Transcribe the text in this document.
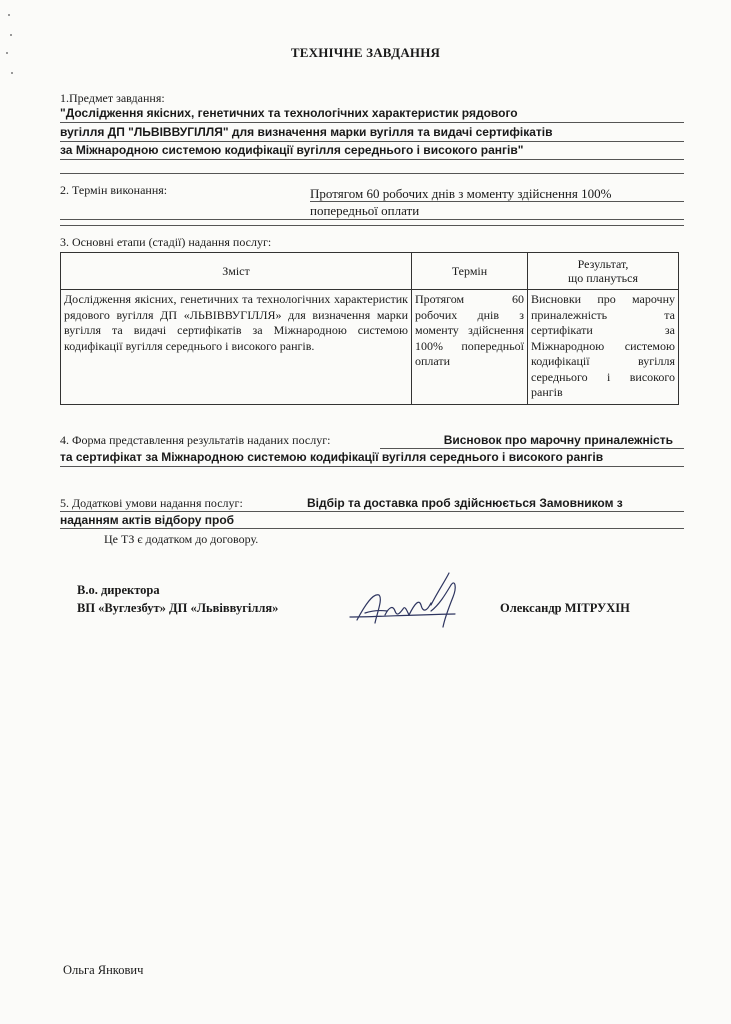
ТЕХНІЧНЕ ЗАВДАННЯ
1.Предмет завдання:
"Дослідження якісних, генетичних та технологічних характеристик рядового
вугілля ДП "ЛЬВІВВУГІЛЛЯ" для визначення марки вугілля та видачі сертифікатів
за Міжнародною системою кодифікації вугілля середнього і високого рангів"
2. Термін виконання:	Протягом 60 робочих днів з моменту здійснення 100%
попередньої оплати
3. Основні етапи (стадії) надання послуг:
Зміст	Термін	Результат,
що плануться
Дослідження якісних, генетичних та технологічних характеристик рядового вугілля ДП «ЛЬВІВВУГІЛЛЯ» для визначення марки вугілля та видачі сертифікатів за Міжнародною системою кодифікації вугілля середнього і високого рангів.	Протягом 60 робочих днів з моменту здійснення 100% попередньої оплати	Висновки про марочну приналежність та сертифікати за Міжнародною системою кодифікації вугілля середнього і високого рангів
4. Форма представлення результатів наданих послуг:	Висновок про марочну приналежність
та сертифікат за Міжнародною системою кодифікації вугілля середнього і високого рангів
5. Додаткові умови надання послуг:	Відбір та доставка проб здійснюється Замовником з
наданням актів відбору проб
Це ТЗ є додатком до договору.
В.о. директора
ВП «Вуглезбут» ДП «Львіввугілля»	Олександр МІТРУХІН
Ольга Янкович
